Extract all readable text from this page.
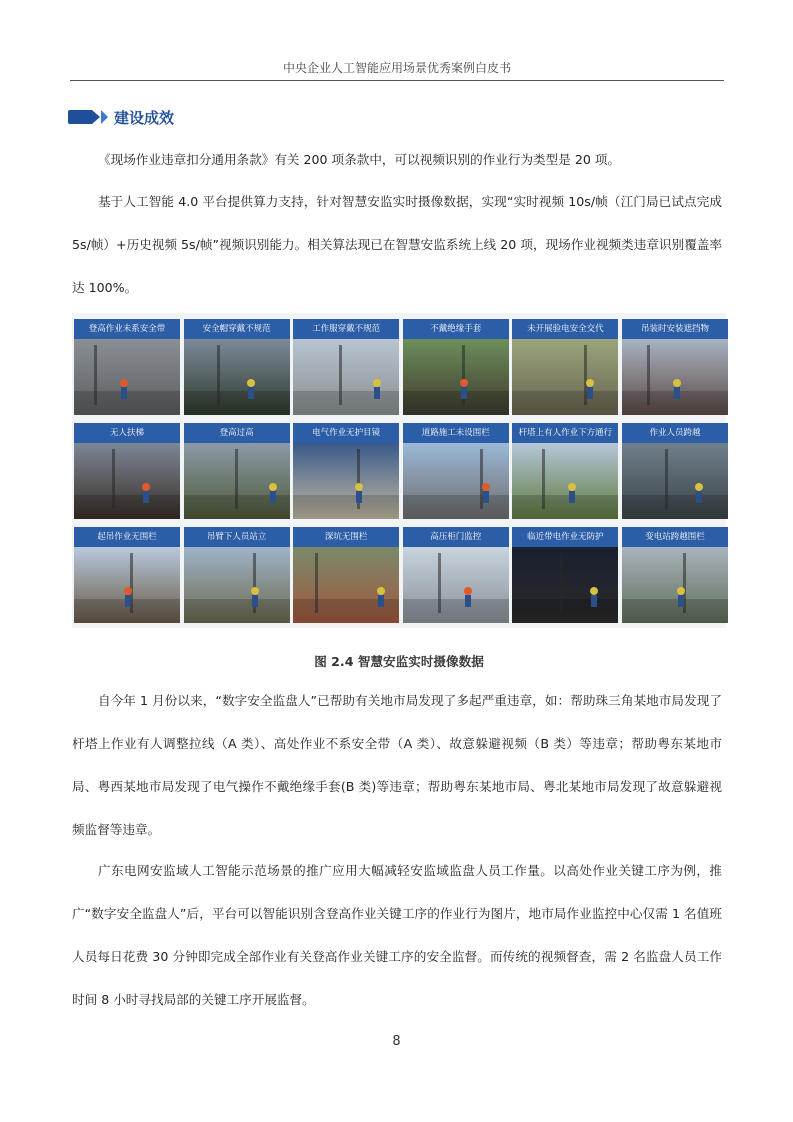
中央企业人工智能应用场景优秀案例白皮书
建设成效

《现场作业违章扣分通用条款》有关 200 项条款中，可以视频识别的作业行为类型是 20 项。

基于人工智能 4.0 平台提供算力支持，针对智慧安监实时摄像数据，实现“实时视频 10s/帧（江门局已试点完成 5s/帧）+历史视频 5s/帧”视频识别能力。相关算法现已在智慧安监系统上线 20 项，现场作业视频类违章识别覆盖率达 100%。

登高作业未系安全带	安全帽穿戴不规范	工作服穿戴不规范	不戴绝缘手套	未开展验电安全交代	吊装时安装遮挡物
无人扶梯	登高过高	电气作业无护目镜	道路施工未设围栏	杆塔上有人作业下方通行	作业人员跨越
起吊作业无围栏	吊臂下人员站立	深坑无围栏	高压柜门监控	临近带电作业无防护	变电站跨越围栏
图 2.4 智慧安监实时摄像数据

自今年 1 月份以来，“数字安全监盘人”已帮助有关地市局发现了多起严重违章，如：帮助珠三角某地市局发现了杆塔上作业有人调整拉线（A 类）、高处作业不系安全带（A 类）、故意躲避视频（B 类）等违章；帮助粤东某地市局、粤西某地市局发现了电气操作不戴绝缘手套(B 类)等违章；帮助粤东某地市局、粤北某地市局发现了故意躲避视频监督等违章。

广东电网安监域人工智能示范场景的推广应用大幅减轻安监域监盘人员工作量。以高处作业关键工序为例，推广“数字安全监盘人”后，平台可以智能识别含登高作业关键工序的作业行为图片，地市局作业监控中心仅需 1 名值班人员每日花费 30 分钟即完成全部作业有关登高作业关键工序的安全监督。而传统的视频督查，需 2 名监盘人员工作时间 8 小时寻找局部的关键工序开展监督。

8
